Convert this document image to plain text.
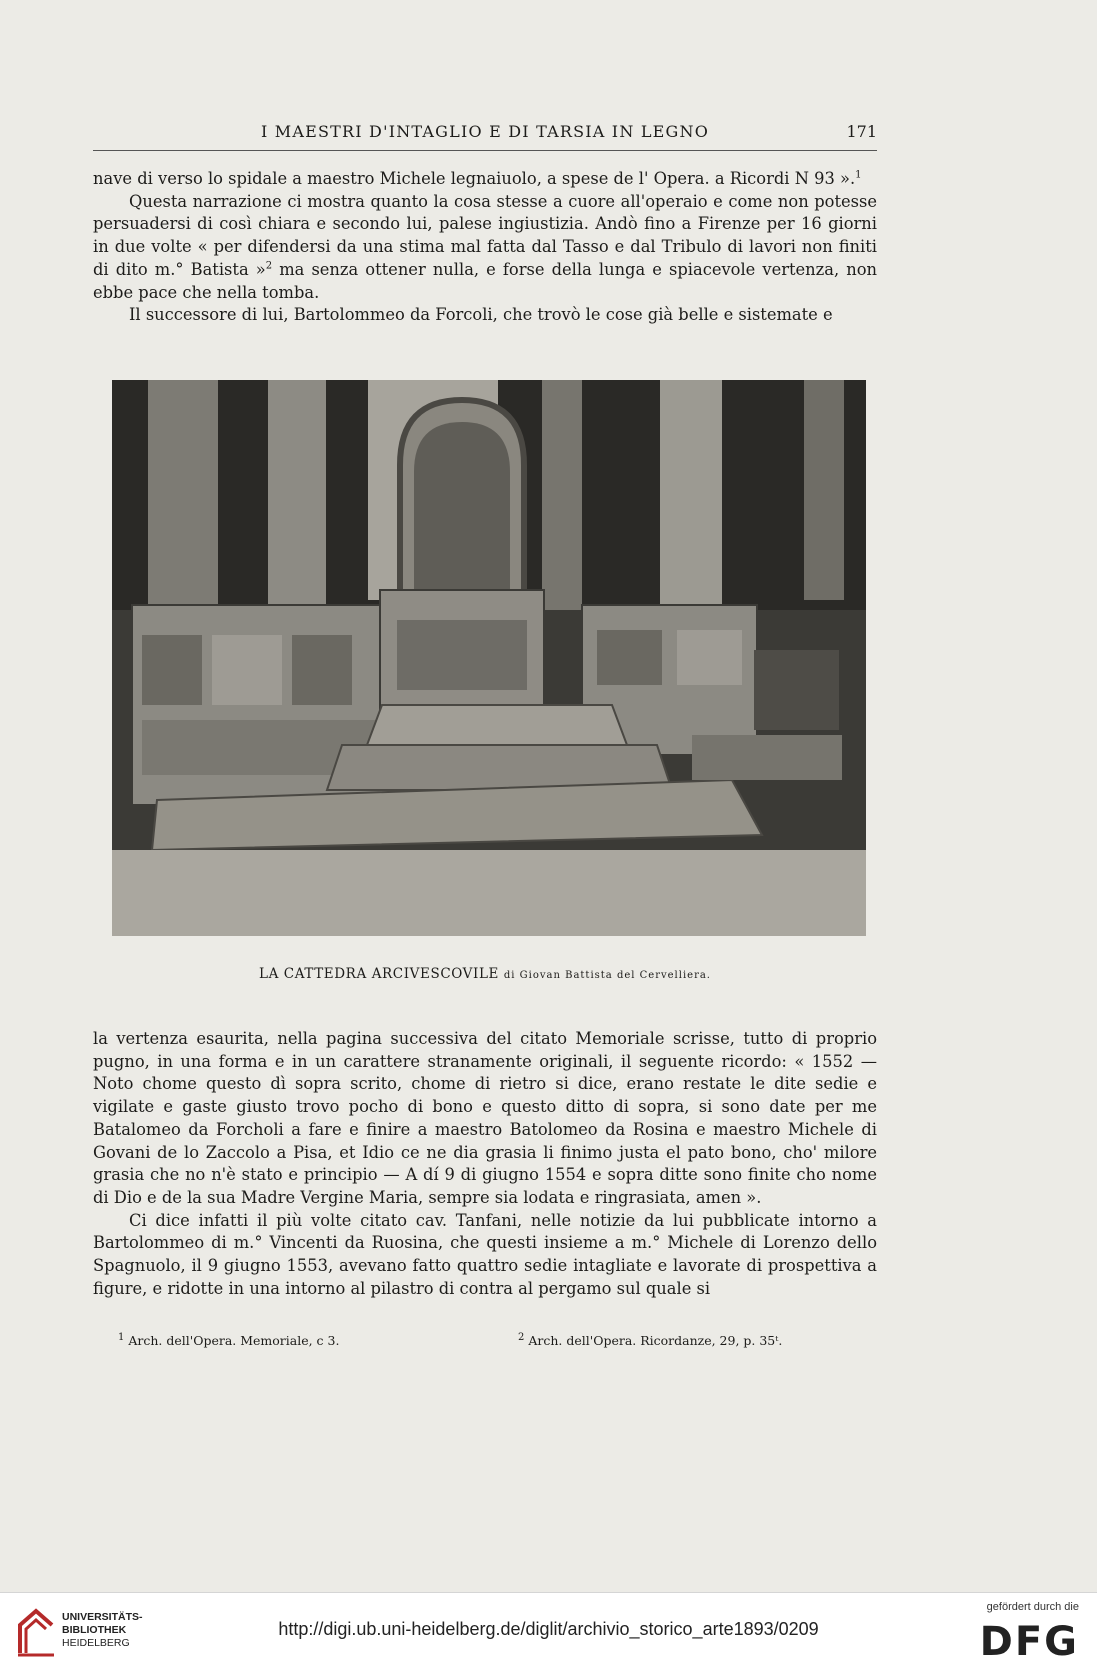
I MAESTRI D'INTAGLIO E DI TARSIA IN LEGNO	171

nave di verso lo spidale a maestro Michele legnaiuolo, a spese de l' Opera. a Ricordi N 93 ».$^1$

Questa narrazione ci mostra quanto la cosa stesse a cuore all'operaio e come non potesse persuadersi di così chiara e secondo lui, palese ingiustizia. Andò fino a Firenze per 16 giorni in due volte « per difendersi da una stima mal fatta dal Tasso e dal Tribulo di lavori non finiti di dito m.° Batista »$^2$ ma senza ottener nulla, e forse della lunga e spiacevole vertenza, non ebbe pace che nella tomba.

Il successore di lui, Bartolommeo da Forcoli, che trovò le cose già belle e sistemate e

LA CATTEDRA ARCIVESCOVILE di Giovan Battista del Cervelliera.

la vertenza esaurita, nella pagina successiva del citato Memoriale scrisse, tutto di proprio pugno, in una forma e in un carattere stranamente originali, il seguente ricordo: « 1552 — Noto chome questo dì sopra scrito, chome di rietro si dice, erano restate le dite sedie e vigilate e gaste giusto trovo pocho di bono e questo ditto di sopra, si sono date per me Batalomeo da Forcholi a fare e finire a maestro Batolomeo da Rosina e maestro Michele di Govani de lo Zaccolo a Pisa, et Idio ce ne dia grasia li finimo justa el pato bono, cho' milore grasia che no n'è stato e principio — A dí 9 di giugno 1554 e sopra ditte sono finite cho nome di Dio e de la sua Madre Vergine Maria, sempre sia lodata e ringrasiata, amen ».

Ci dice infatti il più volte citato cav. Tanfani, nelle notizie da lui pubblicate intorno a Bartolommeo di m.° Vincenti da Ruosina, che questi insieme a m.° Michele di Lorenzo dello Spagnuolo, il 9 giugno 1553, avevano fatto quattro sedie intagliate e lavorate di prospettiva a figure, e ridotte in una intorno al pilastro di contra al pergamo sul quale si

$^1$ Arch. dell'Opera. Memoriale, c 3.	$^2$ Arch. dell'Opera. Ricordanze, 29, p. 35ᵗ.
UNIVERSITÄTS-
BIBLIOTHEK
HEIDELBERG
http://digi.ub.uni-heidelberg.de/diglit/archivio_storico_arte1893/0209
gefördert durch die
DFG
